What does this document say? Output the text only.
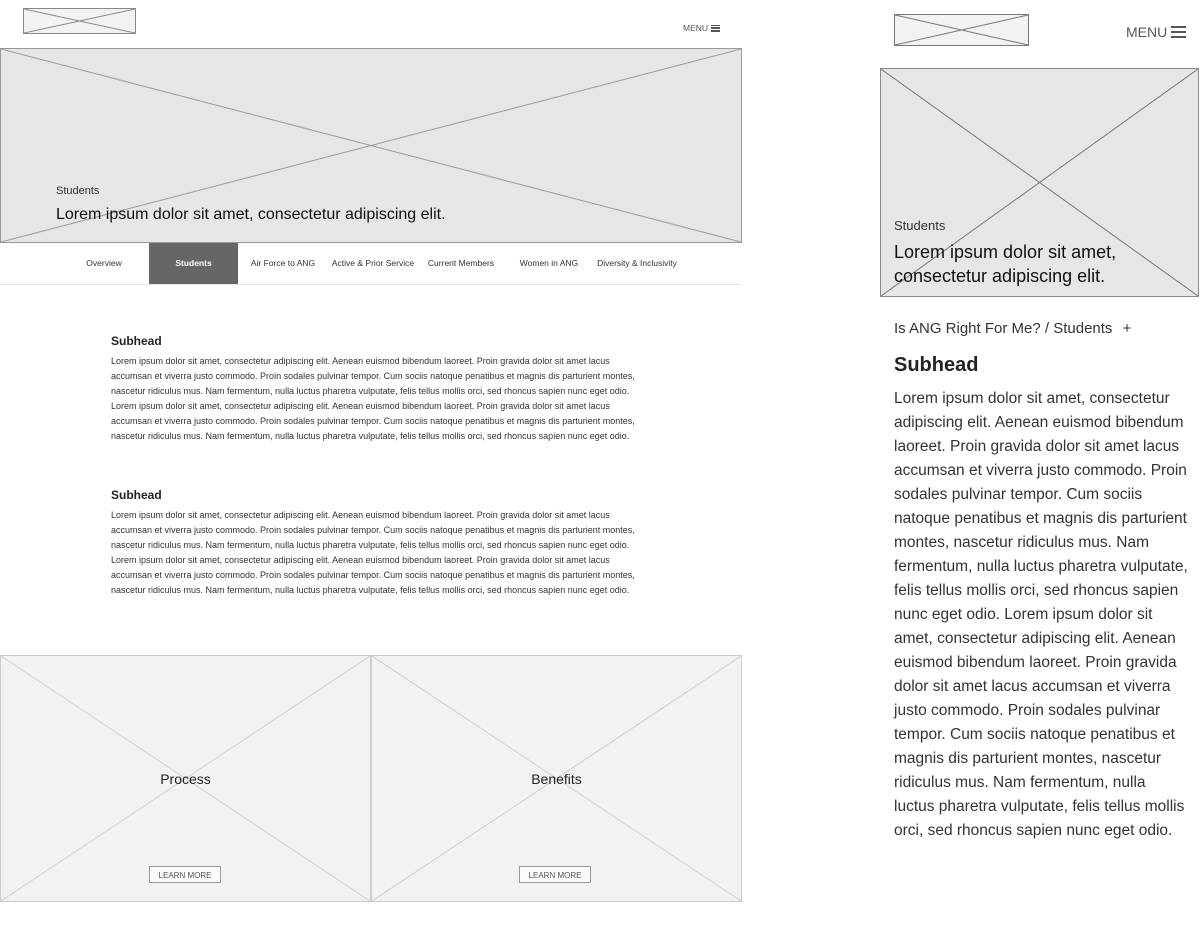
MENU
Students
Lorem ipsum dolor sit amet, consectetur adipiscing elit.
Overview	Students	Air Force to ANG	Active & Prior Service	Current Members	Women in ANG	Diversity & Inclusivity
Subhead
Lorem ipsum dolor sit amet, consectetur adipiscing elit. Aenean euismod bibendum laoreet. Proin gravida dolor sit amet lacus accumsan et viverra justo commodo. Proin sodales pulvinar tempor. Cum sociis natoque penatibus et magnis dis parturient montes, nascetur ridiculus mus. Nam fermentum, nulla luctus pharetra vulputate, felis tellus mollis orci, sed rhoncus sapien nunc eget odio. Lorem ipsum dolor sit amet, consectetur adipiscing elit. Aenean euismod bibendum laoreet. Proin gravida dolor sit amet lacus accumsan et viverra justo commodo. Proin sodales pulvinar tempor. Cum sociis natoque penatibus et magnis dis parturient montes, nascetur ridiculus mus. Nam fermentum, nulla luctus pharetra vulputate, felis tellus mollis orci, sed rhoncus sapien nunc eget odio.
Subhead
Lorem ipsum dolor sit amet, consectetur adipiscing elit. Aenean euismod bibendum laoreet. Proin gravida dolor sit amet lacus accumsan et viverra justo commodo. Proin sodales pulvinar tempor. Cum sociis natoque penatibus et magnis dis parturient montes, nascetur ridiculus mus. Nam fermentum, nulla luctus pharetra vulputate, felis tellus mollis orci, sed rhoncus sapien nunc eget odio. Lorem ipsum dolor sit amet, consectetur adipiscing elit. Aenean euismod bibendum laoreet. Proin gravida dolor sit amet lacus accumsan et viverra justo commodo. Proin sodales pulvinar tempor. Cum sociis natoque penatibus et magnis dis parturient montes, nascetur ridiculus mus. Nam fermentum, nulla luctus pharetra vulputate, felis tellus mollis orci, sed rhoncus sapien nunc eget odio.
Process
LEARN MORE
Benefits
LEARN MORE
MENU
Students
Lorem ipsum dolor sit amet, consectetur adipiscing elit.
Is ANG Right For Me? / Students +
Subhead
Lorem ipsum dolor sit amet, consectetur adipiscing elit. Aenean euismod bibendum laoreet. Proin gravida dolor sit amet lacus accumsan et viverra justo commodo. Proin sodales pulvinar tempor. Cum sociis natoque penatibus et magnis dis parturient montes, nascetur ridiculus mus. Nam fermentum, nulla luctus pharetra vulputate, felis tellus mollis orci, sed rhoncus sapien nunc eget odio. Lorem ipsum dolor sit amet, consectetur adipiscing elit. Aenean euismod bibendum laoreet. Proin gravida dolor sit amet lacus accumsan et viverra justo commodo. Proin sodales pulvinar tempor. Cum sociis natoque penatibus et magnis dis parturient montes, nascetur ridiculus mus. Nam fermentum, nulla luctus pharetra vulputate, felis tellus mollis orci, sed rhoncus sapien nunc eget odio.
